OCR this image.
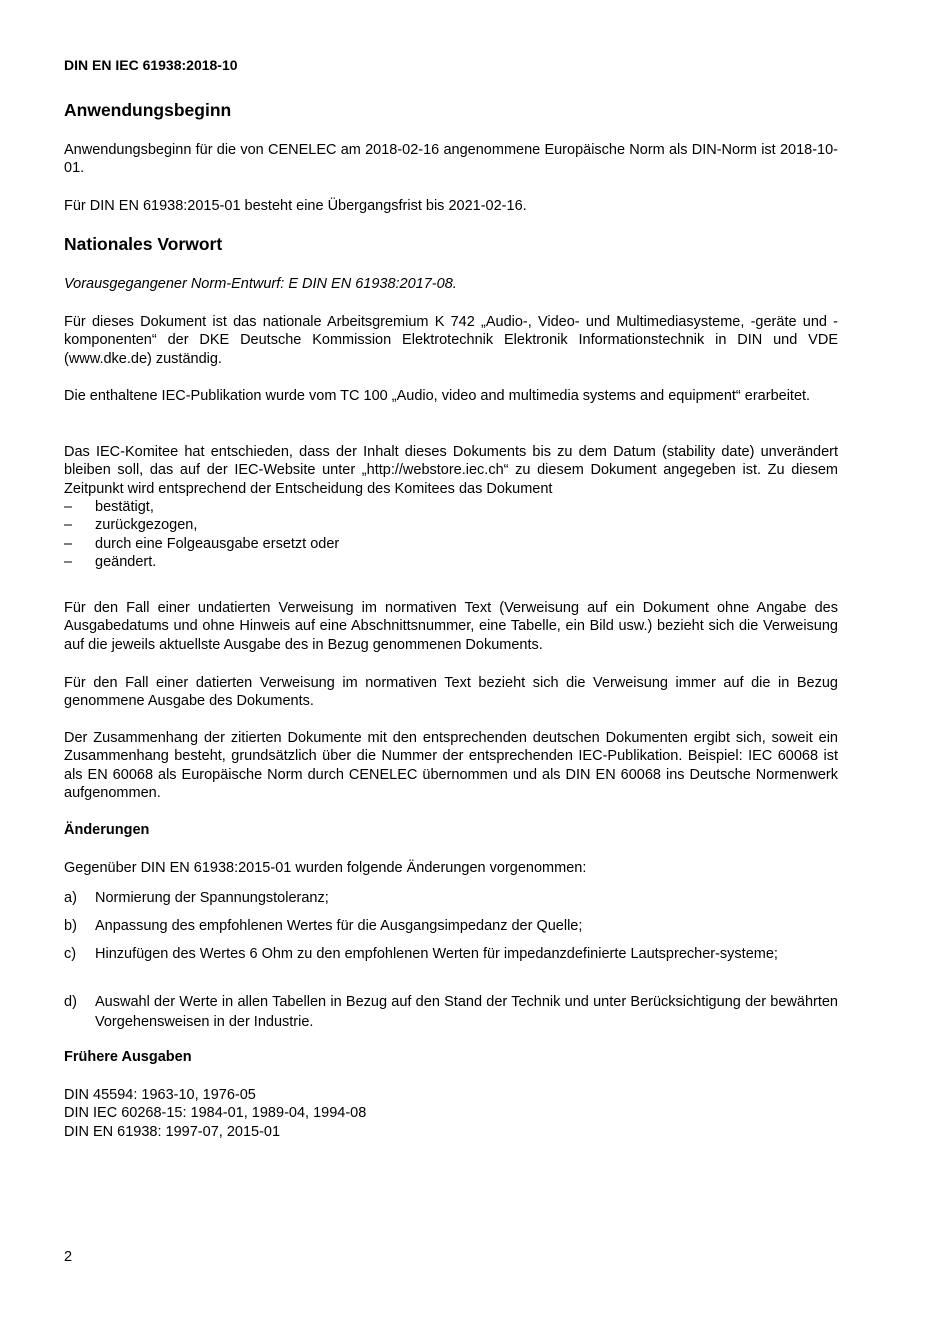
DIN EN IEC 61938:2018-10
Anwendungsbeginn
Anwendungsbeginn für die von CENELEC am 2018-02-16 angenommene Europäische Norm als DIN-Norm ist 2018-10-01.
Für DIN EN 61938:2015-01 besteht eine Übergangsfrist bis 2021-02-16.
Nationales Vorwort
Vorausgegangener Norm-Entwurf: E DIN EN 61938:2017-08.
Für dieses Dokument ist das nationale Arbeitsgremium K 742 „Audio-, Video- und Multimediasysteme, -geräte und -komponenten“ der DKE Deutsche Kommission Elektrotechnik Elektronik Informationstechnik in DIN und VDE (www.dke.de) zuständig.
Die enthaltene IEC-Publikation wurde vom TC 100 „Audio, video and multimedia systems and equipment“ erarbeitet.
Das IEC-Komitee hat entschieden, dass der Inhalt dieses Dokuments bis zu dem Datum (stability date) unverändert bleiben soll, das auf der IEC-Website unter „http://webstore.iec.ch“ zu diesem Dokument angegeben ist. Zu diesem Zeitpunkt wird entsprechend der Entscheidung des Komitees das Dokument
– bestätigt,
– zurückgezogen,
– durch eine Folgeausgabe ersetzt oder
– geändert.
Für den Fall einer undatierten Verweisung im normativen Text (Verweisung auf ein Dokument ohne Angabe des Ausgabedatums und ohne Hinweis auf eine Abschnittsnummer, eine Tabelle, ein Bild usw.) bezieht sich die Verweisung auf die jeweils aktuellste Ausgabe des in Bezug genommenen Dokuments.
Für den Fall einer datierten Verweisung im normativen Text bezieht sich die Verweisung immer auf die in Bezug genommene Ausgabe des Dokuments.
Der Zusammenhang der zitierten Dokumente mit den entsprechenden deutschen Dokumenten ergibt sich, soweit ein Zusammenhang besteht, grundsätzlich über die Nummer der entsprechenden IEC-Publikation. Beispiel: IEC 60068 ist als EN 60068 als Europäische Norm durch CENELEC übernommen und als DIN EN 60068 ins Deutsche Normenwerk aufgenommen.
Änderungen
Gegenüber DIN EN 61938:2015-01 wurden folgende Änderungen vorgenommen:
a) Normierung der Spannungstoleranz;
b) Anpassung des empfohlenen Wertes für die Ausgangsimpedanz der Quelle;
c) Hinzufügen des Wertes 6 Ohm zu den empfohlenen Werten für impedanzdefinierte Lautsprecher-systeme;
d) Auswahl der Werte in allen Tabellen in Bezug auf den Stand der Technik und unter Berücksichtigung der bewährten Vorgehensweisen in der Industrie.
Frühere Ausgaben
DIN 45594: 1963-10, 1976-05
DIN IEC 60268-15: 1984-01, 1989-04, 1994-08
DIN EN 61938: 1997-07, 2015-01
2
